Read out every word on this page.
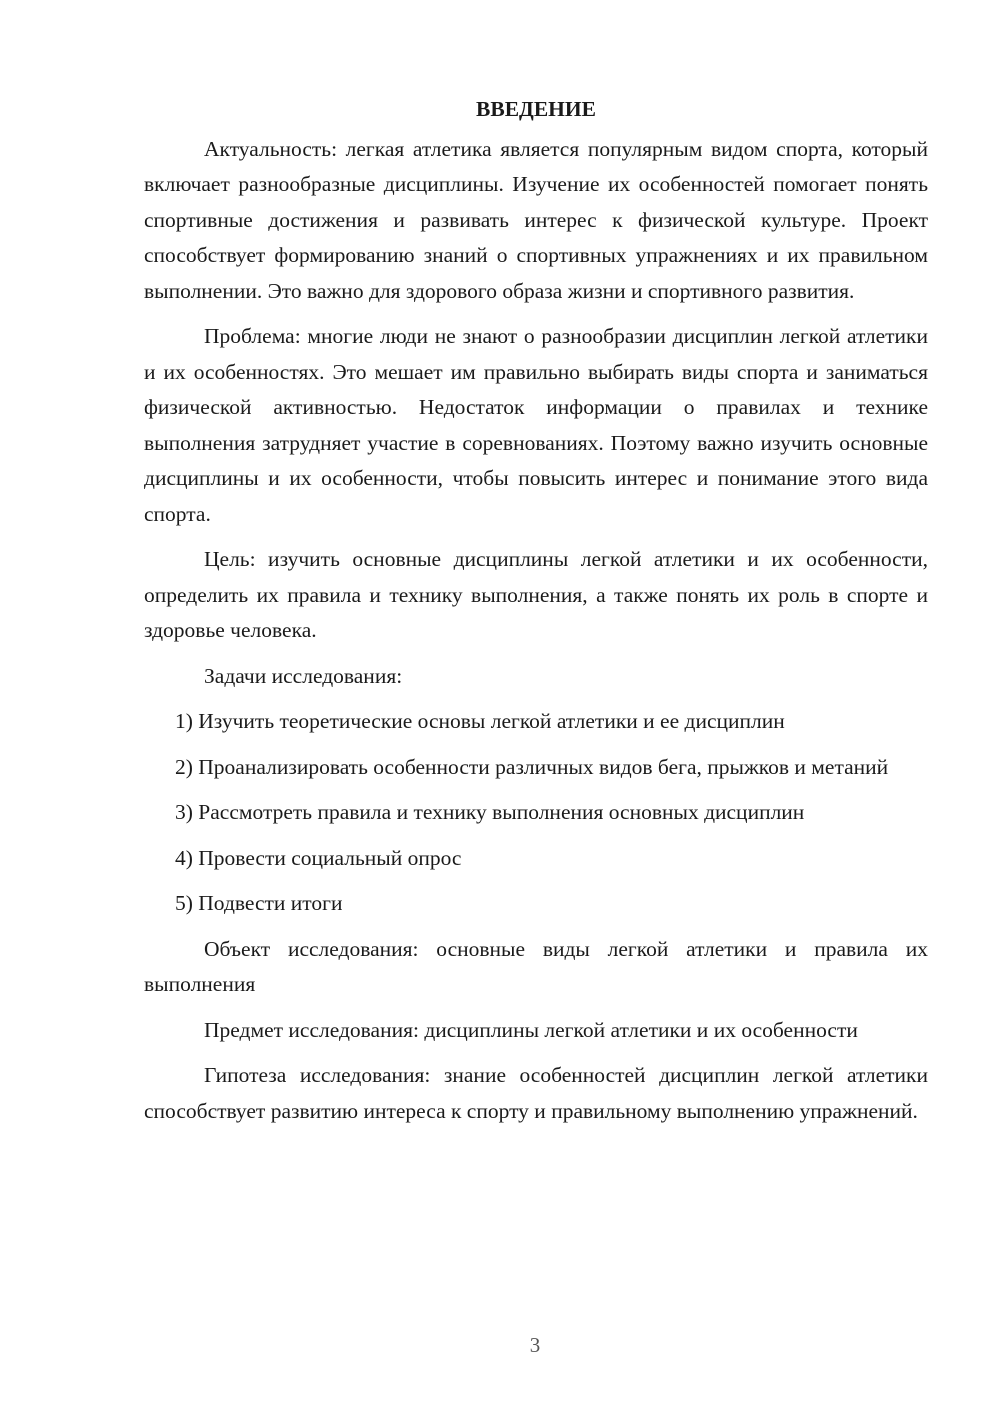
ВВЕДЕНИЕ

Актуальность: легкая атлетика является популярным видом спорта, который включает разнообразные дисциплины. Изучение их особенностей помогает понять спортивные достижения и развивать интерес к физической культуре. Проект способствует формированию знаний о спортивных упражнениях и их правильном выполнении. Это важно для здорового образа жизни и спортивного развития.

Проблема: многие люди не знают о разнообразии дисциплин легкой атлетики и их особенностях. Это мешает им правильно выбирать виды спорта и заниматься физической активностью. Недостаток информации о правилах и технике выполнения затрудняет участие в соревнованиях. Поэтому важно изучить основные дисциплины и их особенности, чтобы повысить интерес и понимание этого вида спорта.

Цель: изучить основные дисциплины легкой атлетики и их особенности, определить их правила и технику выполнения, а также понять их роль в спорте и здоровье человека.

Задачи исследования:

1) Изучить теоретические основы легкой атлетики и ее дисциплин

2) Проанализировать особенности различных видов бега, прыжков и метаний

3) Рассмотреть правила и технику выполнения основных дисциплин

4) Провести социальный опрос

5) Подвести итоги

Объект исследования: основные виды легкой атлетики и правила их выполнения

Предмет исследования: дисциплины легкой атлетики и их особенности

Гипотеза исследования: знание особенностей дисциплин легкой атлетики способствует развитию интереса к спорту и правильному выполнению упражнений.

3
